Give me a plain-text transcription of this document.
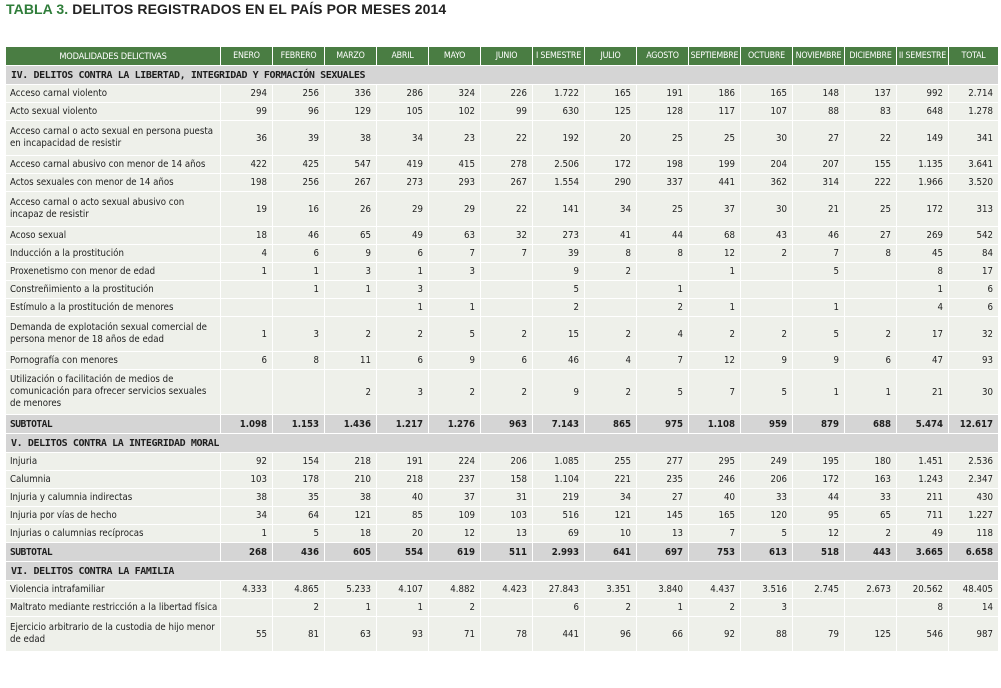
TABLA 3. DELITOS REGISTRADOS EN EL PAÍS POR MESES 2014
MODALIDADES DELICTIVAS	ENERO	FEBRERO	MARZO	ABRIL	MAYO	JUNIO	I SEMESTRE	JULIO	AGOSTO	SEPTIEMBRE	OCTUBRE	NOVIEMBRE	DICIEMBRE	II SEMESTRE	TOTAL
IV. DELITOS CONTRA LA LIBERTAD, INTEGRIDAD Y FORMACIÓN SEXUALES															
Acceso carnal violento	294	256	336	286	324	226	1.722	165	191	186	165	148	137	992	2.714
Acto sexual violento	99	96	129	105	102	99	630	125	128	117	107	88	83	648	1.278
Acceso carnal o acto sexual en persona puesta en incapacidad de resistir	36	39	38	34	23	22	192	20	25	25	30	27	22	149	341
Acceso carnal abusivo con menor de 14 años	422	425	547	419	415	278	2.506	172	198	199	204	207	155	1.135	3.641
Actos sexuales con menor de 14 años	198	256	267	273	293	267	1.554	290	337	441	362	314	222	1.966	3.520
Acceso carnal o acto sexual abusivo con incapaz de resistir	19	16	26	29	29	22	141	34	25	37	30	21	25	172	313
Acoso sexual	18	46	65	49	63	32	273	41	44	68	43	46	27	269	542
Inducción a la prostitución	4	6	9	6	7	7	39	8	8	12	2	7	8	45	84
Proxenetismo con menor de edad	1	1	3	1	3		9	2		1		5		8	17
Constreñimiento a la prostitución		1	1	3			5		1					1	6
Estímulo a la prostitución de menores				1	1		2		2	1		1		4	6
Demanda de explotación sexual comercial de persona menor de 18 años de edad	1	3	2	2	5	2	15	2	4	2	2	5	2	17	32
Pornografía con menores	6	8	11	6	9	6	46	4	7	12	9	9	6	47	93
Utilización o facilitación de medios de comunicación para ofrecer servicios sexuales de menores			2	3	2	2	9	2	5	7	5	1	1	21	30
SUBTOTAL	1.098	1.153	1.436	1.217	1.276	963	7.143	865	975	1.108	959	879	688	5.474	12.617
V. DELITOS CONTRA LA INTEGRIDAD MORAL															
Injuria	92	154	218	191	224	206	1.085	255	277	295	249	195	180	1.451	2.536
Calumnia	103	178	210	218	237	158	1.104	221	235	246	206	172	163	1.243	2.347
Injuria y calumnia indirectas	38	35	38	40	37	31	219	34	27	40	33	44	33	211	430
Injuria por vías de hecho	34	64	121	85	109	103	516	121	145	165	120	95	65	711	1.227
Injurias o calumnias recíprocas	1	5	18	20	12	13	69	10	13	7	5	12	2	49	118
SUBTOTAL	268	436	605	554	619	511	2.993	641	697	753	613	518	443	3.665	6.658
VI. DELITOS CONTRA LA FAMILIA															
Violencia intrafamiliar	4.333	4.865	5.233	4.107	4.882	4.423	27.843	3.351	3.840	4.437	3.516	2.745	2.673	20.562	48.405
Maltrato mediante restricción a la libertad física		2	1	1	2		6	2	1	2	3			8	14
Ejercicio arbitrario de la custodia de hijo menor de edad	55	81	63	93	71	78	441	96	66	92	88	79	125	546	987
